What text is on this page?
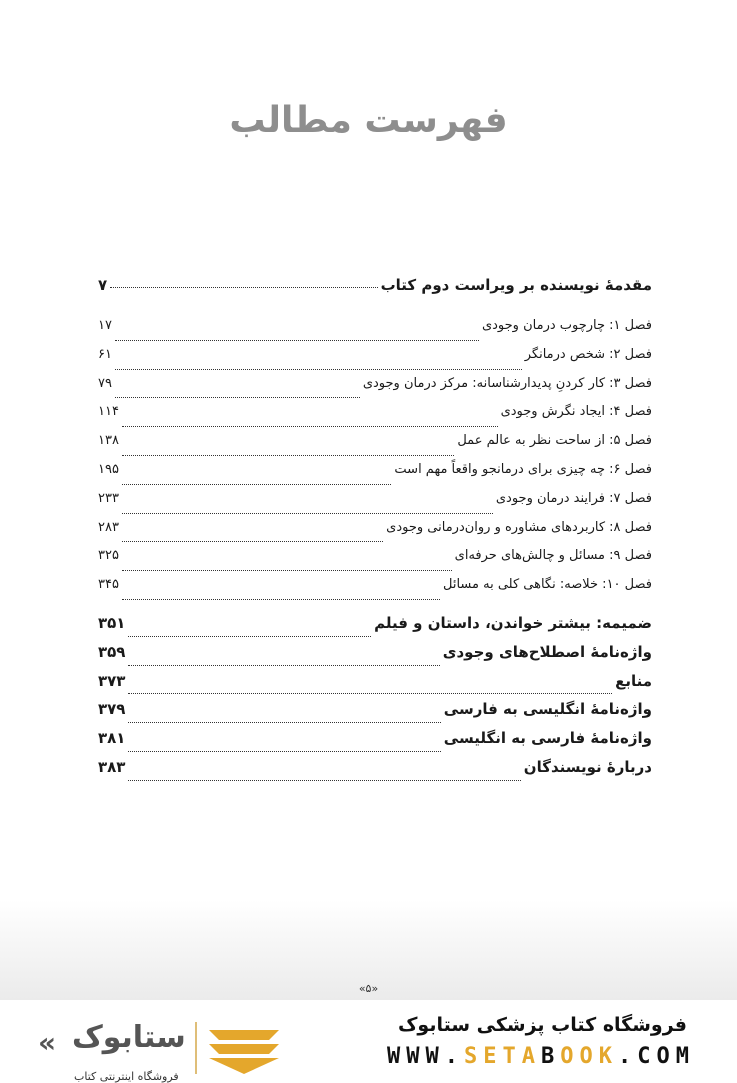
فهرست مطالب
مقدمهٔ نویسنده بر ویراست دوم کتاب
۷
فصل ۱: چارچوب درمان وجودی
۱۷
فصل ۲: شخص درمانگر
۶۱
فصل ۳: کار کردنِ پدیدارشناسانه: مرکز درمان وجودی
۷۹
فصل ۴: ایجاد نگرش وجودی
۱۱۴
فصل ۵: از ساحت نظر به عالم عمل
۱۳۸
فصل ۶: چه چیزی برای درمانجو واقعاً مهم است
۱۹۵
فصل ۷: فرایند درمان وجودی
۲۳۳
فصل ۸: کاربردهای مشاوره و روان‌درمانی وجودی
۲۸۳
فصل ۹: مسائل و چالش‌های حرفه‌ای
۳۲۵
فصل ۱۰: خلاصه: نگاهی کلی به مسائل
۳۴۵
ضمیمه: بیشتر خواندن، داستان و فیلم
۳۵۱
واژه‌نامهٔ اصطلاح‌های وجودی
۳۵۹
منابع
۳۷۳
واژه‌نامهٔ انگلیسی به فارسی
۳۷۹
واژه‌نامهٔ فارسی به انگلیسی
۳۸۱
دربارهٔ نویسندگان
۳۸۳
«۵»
« ستابوک
فروشگاه اینترنتی کتاب
فروشگاه کتاب پزشکی ستابوک
WWW.SETABOOK.COM
